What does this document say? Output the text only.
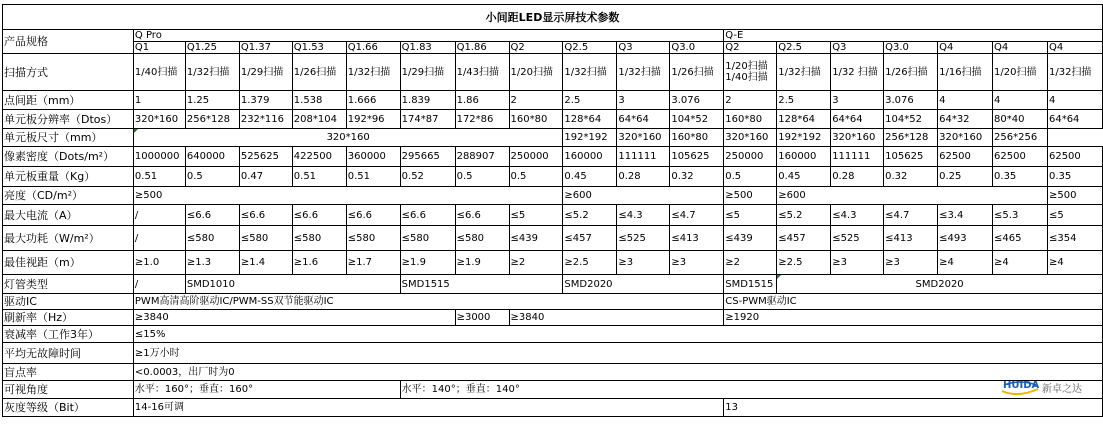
小间距LED显示屏技术参数																		
产品规格	Q Pro											Q-E						
	Q1	Q1.25	Q1.37	Q1.53	Q1.66	Q1.83	Q1.86	Q2	Q2.5	Q3	Q3.0	Q2	Q2.5	Q3	Q3.0	Q4	Q4	Q4
扫描方式	1/40扫描	1/32扫描	1/29扫描	1/26扫描	1/32扫描	1/29扫描	1/43扫描	1/20扫描	1/32扫描	1/32扫描	1/26扫描	1/20扫描 1/40扫描	1/32扫描	1/32 扫描	1/26扫描	1/16扫描	1/20扫描	1/32扫描
点间距（mm）	1	1.25	1.379	1.538	1.666	1.839	1.86	2	2.5	3	3.076	2	2.5	3	3.076	4	4	4
单元板分辨率（Dtos）	320*160	256*128	232*116	208*104	192*96	174*87	172*86	160*80	128*64	64*64	104*52	160*80	128*64	64*64	104*52	64*32	80*40	64*64
单元板尺寸（mm）	320*160								192*192	320*160	160*80	320*160	192*192	320*160	256*128	320*160	256*256	
像素密度（Dots/m²）	1000000	640000	525625	422500	360000	295665	288907	250000	160000	111111	105625	250000	160000	111111	105625	62500	62500	62500
单元板重量（Kg）	0.51	0.5	0.47	0.51	0.51	0.52	0.5	0.5	0.45	0.28	0.32	0.5	0.45	0.28	0.32	0.25	0.35	0.35
亮度（CD/m²）	≥500								≥600			≥500	≥600					≥500
最大电流（A）	/	≤6.6	≤6.6	≤6.6	≤6.6	≤6.6	≤6.6	≤5	≤5.2	≤4.3	≤4.7	≤5	≤5.2	≤4.3	≤4.7	≤3.4	≤5.3	≤5
最大功耗（W/m²）	/	≤580	≤580	≤580	≤580	≤580	≤580	≤439	≤457	≤525	≤413	≤439	≤457	≤525	≤413	≤493	≤465	≤354
最佳视距（m）	≥1.0	≥1.3	≥1.4	≥1.6	≥1.7	≥1.9	≥1.9	≥2	≥2.5	≥3	≥3	≥2	≥2.5	≥3	≥3	≥4	≥4	≥4
灯管类型	/	SMD1010				SMD1515			SMD2020			SMD1515	SMD2020					
驱动IC	PWM高清高阶驱动IC/PWM-SS双节能驱动IC											CS-PWM驱动IC						
刷新率（Hz）	≥3840						≥3000	≥3840				≥1920						
衰减率（工作3年）	≤15%																	
平均无故障时间	≥1万小时																	
盲点率	<0.0003，出厂时为0																	
可视角度	水平：160°；垂直：160°					水平：140°；垂直：140°												
灰度等级（Bit）	14-16可调											13						
HUIDA 新卓之达
